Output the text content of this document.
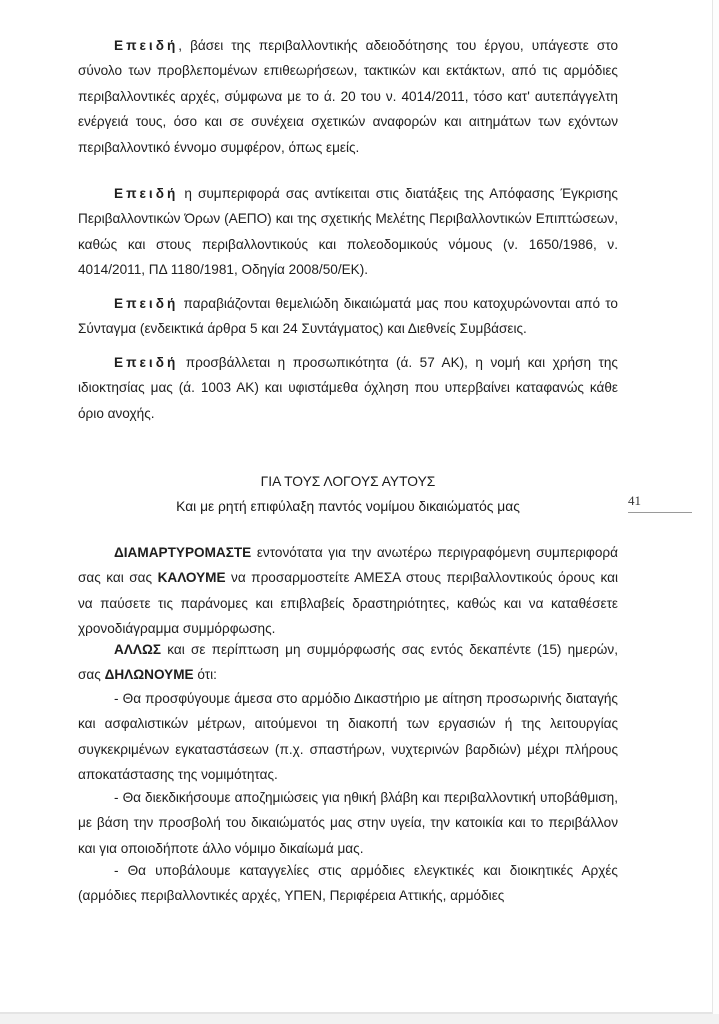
Επειδή, βάσει της περιβαλλοντικής αδειοδότησης του έργου, υπάγεστε στο σύνολο των προβλεπομένων επιθεωρήσεων, τακτικών και εκτάκτων, από τις αρμόδιες περιβαλλοντικές αρχές, σύμφωνα με το ά. 20 του ν. 4014/2011, τόσο κατ' αυτεπάγγελτη ενέργειά τους, όσο και σε συνέχεια σχετικών αναφορών και αιτημάτων των εχόντων περιβαλλοντικό έννομο συμφέρον, όπως εμείς.

Επειδή η συμπεριφορά σας αντίκειται στις διατάξεις της Απόφασης Έγκρισης Περιβαλλοντικών Όρων (ΑΕΠΟ) και της σχετικής Μελέτης Περιβαλλοντικών Επιπτώσεων, καθώς και στους περιβαλλοντικούς και πολεοδομικούς νόμους (ν. 1650/1986, ν. 4014/2011, ΠΔ 1180/1981, Οδηγία 2008/50/ΕΚ).

Επειδή παραβιάζονται θεμελιώδη δικαιώματά μας που κατοχυρώνονται από το Σύνταγμα (ενδεικτικά άρθρα 5 και 24 Συντάγματος) και Διεθνείς Συμβάσεις.

Επειδή προσβάλλεται η προσωπικότητα (ά. 57 ΑΚ), η νομή και χρήση της ιδιοκτησίας μας (ά. 1003 ΑΚ) και υφιστάμεθα όχληση που υπερβαίνει καταφανώς κάθε όριο ανοχής.

ΓΙΑ ΤΟΥΣ ΛΟΓΟΥΣ ΑΥΤΟΥΣ
Και με ρητή επιφύλαξη παντός νομίμου δικαιώματός μας

ΔΙΑΜΑΡΤΥΡΟΜΑΣΤΕ εντονότατα για την ανωτέρω περιγραφόμενη συμπεριφορά σας και σας ΚΑΛΟΥΜΕ να προσαρμοστείτε ΑΜΕΣΑ στους περιβαλλοντικούς όρους και να παύσετε τις παράνομες και επιβλαβείς δραστηριότητες, καθώς και να καταθέσετε χρονοδιάγραμμα συμμόρφωσης.

ΑΛΛΩΣ και σε περίπτωση μη συμμόρφωσής σας εντός δεκαπέντε (15) ημερών, σας ΔΗΛΩΝΟΥΜΕ ότι:

- Θα προσφύγουμε άμεσα στο αρμόδιο Δικαστήριο με αίτηση προσωρινής διαταγής και ασφαλιστικών μέτρων, αιτούμενοι τη διακοπή των εργασιών ή της λειτουργίας συγκεκριμένων εγκαταστάσεων (π.χ. σπαστήρων, νυχτερινών βαρδιών) μέχρι πλήρους αποκατάστασης της νομιμότητας.

- Θα διεκδικήσουμε αποζημιώσεις για ηθική βλάβη και περιβαλλοντική υποβάθμιση, με βάση την προσβολή του δικαιώματός μας στην υγεία, την κατοικία και το περιβάλλον και για οποιοδήποτε άλλο νόμιμο δικαίωμά μας.

- Θα υποβάλουμε καταγγελίες στις αρμόδιες ελεγκτικές και διοικητικές Αρχές (αρμόδιες περιβαλλοντικές αρχές, ΥΠΕΝ, Περιφέρεια Αττικής, αρμόδιες

41
